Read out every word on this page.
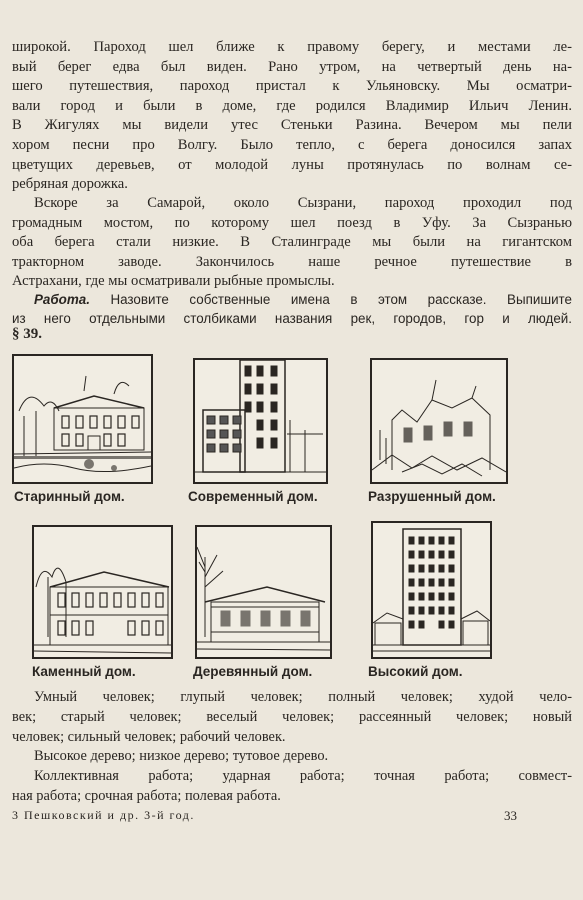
широкой. Пароход шел ближе к правому берегу, и местами ле-
вый берег едва был виден. Рано утром, на четвертый день на-
шего путешествия, пароход пристал к Ульяновску. Мы осматри-
вали город и были в доме, где родился Владимир Ильич Ленин.
В Жигулях мы видели утес Стеньки Разина. Вечером мы пели
хором песни про Волгу. Было тепло, с берега доносился запах
цветущих деревьев, от молодой луны протянулась по волнам се-
ребряная дорожка.

Вскоре за Самарой, около Сызрани, пароход проходил под
громадным мостом, по которому шел поезд в Уфу. За Сызранью
оба берега стали низкие. В Сталинграде мы были на гигантском
тракторном заводе. Закончилось наше речное путешествие в
Астрахани, где мы осматривали рыбные промыслы.

Работа. Назовите собственные имена в этом рассказе. Выпишите
из него отдельными столбиками названия рек, городов, гор и людей.

§ 39.
Старинный дом.	Современный дом.	Разрушенный дом.
Каменный дом.	Деревянный дом.	Высокий дом.

Умный человек; глупый человек; полный человек; худой чело-
век; старый человек; веселый человек; рассеянный человек; новый
человек; сильный человек; рабочий человек.
Высокое дерево; низкое дерево; тутовое дерево.
Коллективная работа; ударная работа; точная работа; совмест-
ная работа; срочная работа; полевая работа.

3 Пешковский и др. 3-й год.	33
